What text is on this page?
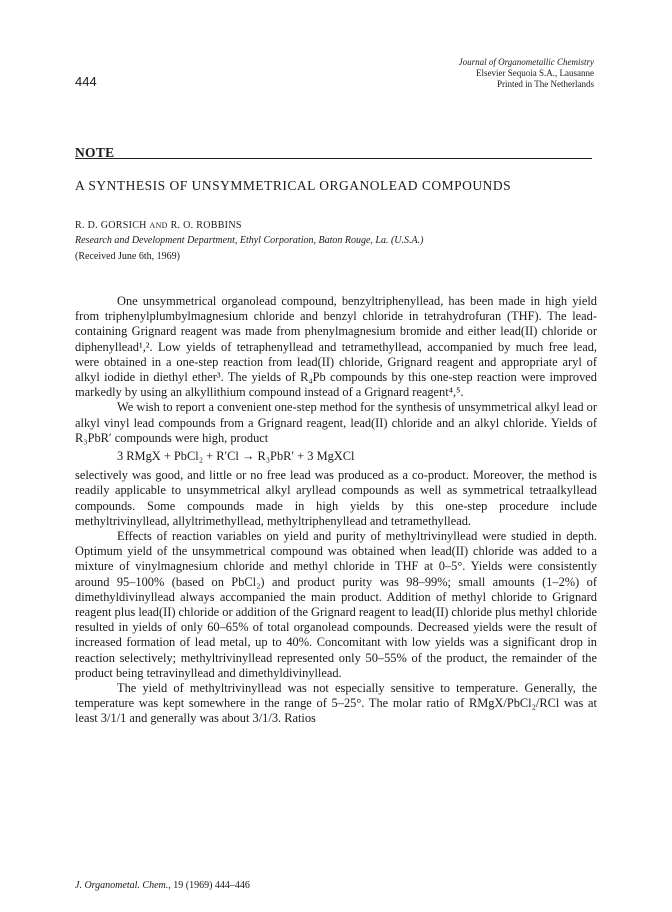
444
Journal of Organometallic Chemistry
Elsevier Sequoia S.A., Lausanne
Printed in The Netherlands
NOTE
A SYNTHESIS OF UNSYMMETRICAL ORGANOLEAD COMPOUNDS
R. D. GORSICH AND R. O. ROBBINS
Research and Development Department, Ethyl Corporation, Baton Rouge, La. (U.S.A.)
(Received June 6th, 1969)

One unsymmetrical organolead compound, benzyltriphenyllead, has been made in high yield from triphenylplumbylmagnesium chloride and benzyl chloride in tetrahydrofuran (THF). The lead-containing Grignard reagent was made from phenylmagnesium bromide and either lead(II) chloride or diphenyllead¹,². Low yields of tetraphenyllead and tetramethyllead, accompanied by much free lead, were obtained in a one-step reaction from lead(II) chloride, Grignard reagent and appropriate aryl of alkyl iodide in diethyl ether³. The yields of R₄Pb compounds by this one-step reaction were improved markedly by using an alkyllithium compound instead of a Grignard reagent⁴,⁵.

We wish to report a convenient one-step method for the synthesis of unsymmetrical alkyl lead or alkyl vinyl lead compounds from a Grignard reagent, lead(II) chloride and an alkyl chloride. Yields of R₃PbR′ compounds were high, product

3 RMgX + PbCl₂ + R′Cl → R₃PbR′ + 3 MgXCl

selectively was good, and little or no free lead was produced as a co-product. Moreover, the method is readily applicable to unsymmetrical alkyl aryllead compounds as well as symmetrical tetraalkyllead compounds. Some compounds made in high yields by this one-step procedure include methyltrivinyllead, allyltrimethyllead, methyltriphenyllead and tetramethyllead.

Effects of reaction variables on yield and purity of methyltrivinyllead were studied in depth. Optimum yield of the unsymmetrical compound was obtained when lead(II) chloride was added to a mixture of vinylmagnesium chloride and methyl chloride in THF at 0–5°. Yields were consistently around 95–100% (based on PbCl₂) and product purity was 98–99%; small amounts (1–2%) of dimethyldivinyllead always accompanied the main product. Addition of methyl chloride to Grignard reagent plus lead(II) chloride or addition of the Grignard reagent to lead(II) chloride plus methyl chloride resulted in yields of only 60–65% of total organolead compounds. Decreased yields were the result of increased formation of lead metal, up to 40%. Concomitant with low yields was a significant drop in reaction selectively; methyltrivinyllead represented only 50–55% of the product, the remainder of the product being tetravinyllead and dimethyldivinyllead.

The yield of methyltrivinyllead was not especially sensitive to temperature. Generally, the temperature was kept somewhere in the range of 5–25°. The molar ratio of RMgX/PbCl₂/RCl was at least 3/1/1 and generally was about 3/1/3. Ratios

J. Organometal. Chem., 19 (1969) 444–446
